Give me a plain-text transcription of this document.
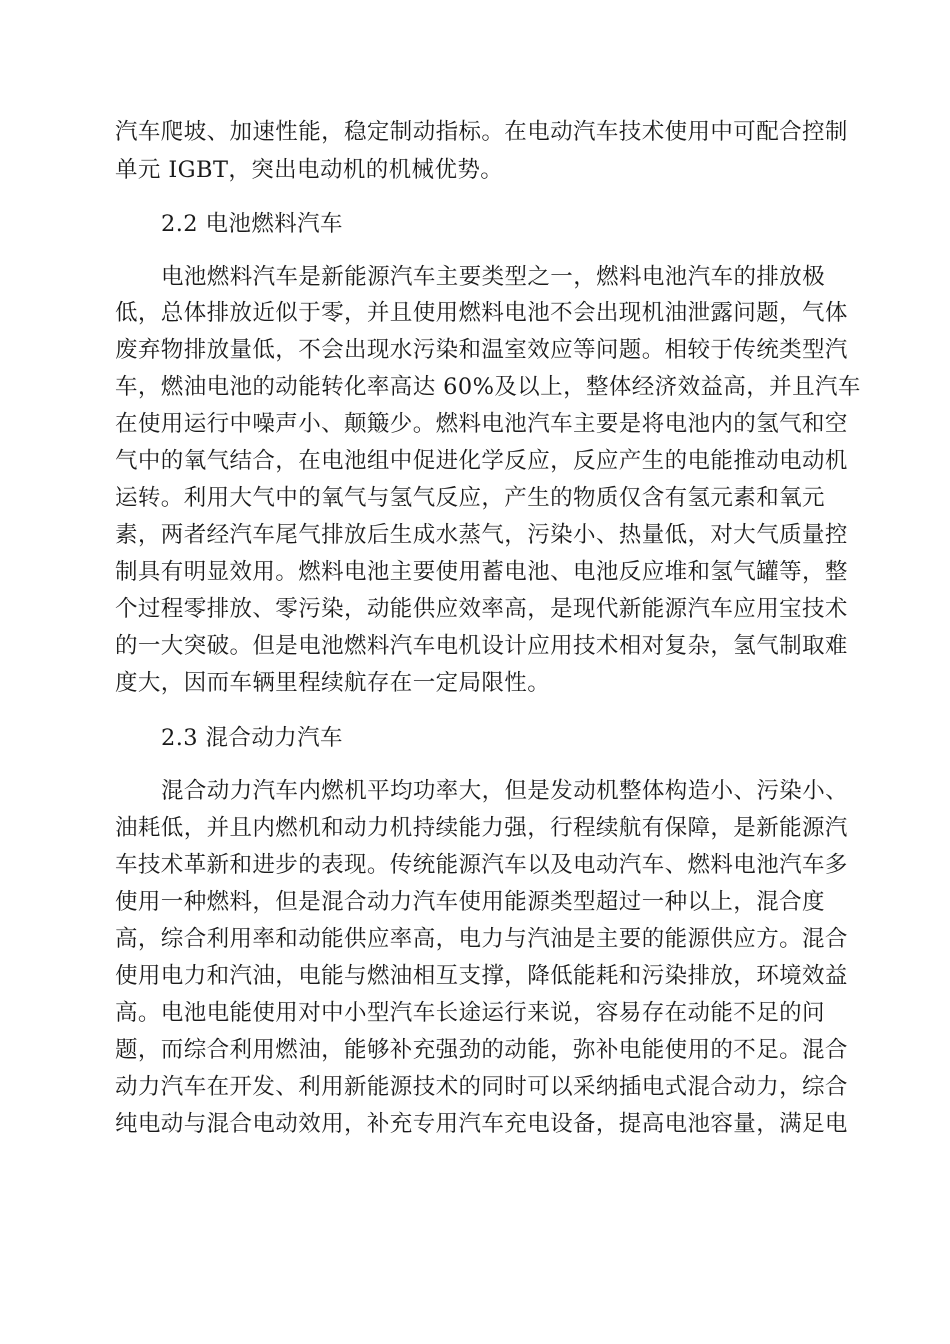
汽车爬坡、加速性能，稳定制动指标。在电动汽车技术使用中可配合控制
单元 IGBT，突出电动机的机械优势。
2.2 电池燃料汽车
电池燃料汽车是新能源汽车主要类型之一，燃料电池汽车的排放极
低，总体排放近似于零，并且使用燃料电池不会出现机油泄露问题，气体
废弃物排放量低，不会出现水污染和温室效应等问题。相较于传统类型汽
车，燃油电池的动能转化率高达 60%及以上，整体经济效益高，并且汽车
在使用运行中噪声小、颠簸少。燃料电池汽车主要是将电池内的氢气和空
气中的氧气结合，在电池组中促进化学反应，反应产生的电能推动电动机
运转。利用大气中的氧气与氢气反应，产生的物质仅含有氢元素和氧元
素，两者经汽车尾气排放后生成水蒸气，污染小、热量低，对大气质量控
制具有明显效用。燃料电池主要使用蓄电池、电池反应堆和氢气罐等，整
个过程零排放、零污染，动能供应效率高，是现代新能源汽车应用宝技术
的一大突破。但是电池燃料汽车电机设计应用技术相对复杂，氢气制取难
度大，因而车辆里程续航存在一定局限性。
2.3 混合动力汽车
混合动力汽车内燃机平均功率大，但是发动机整体构造小、污染小、
油耗低，并且内燃机和动力机持续能力强，行程续航有保障，是新能源汽
车技术革新和进步的表现。传统能源汽车以及电动汽车、燃料电池汽车多
使用一种燃料，但是混合动力汽车使用能源类型超过一种以上，混合度
高，综合利用率和动能供应率高，电力与汽油是主要的能源供应方。混合
使用电力和汽油，电能与燃油相互支撑，降低能耗和污染排放，环境效益
高。电池电能使用对中小型汽车长途运行来说，容易存在动能不足的问
题，而综合利用燃油，能够补充强劲的动能，弥补电能使用的不足。混合
动力汽车在开发、利用新能源技术的同时可以采纳插电式混合动力，综合
纯电动与混合电动效用，补充专用汽车充电设备，提高电池容量，满足电
